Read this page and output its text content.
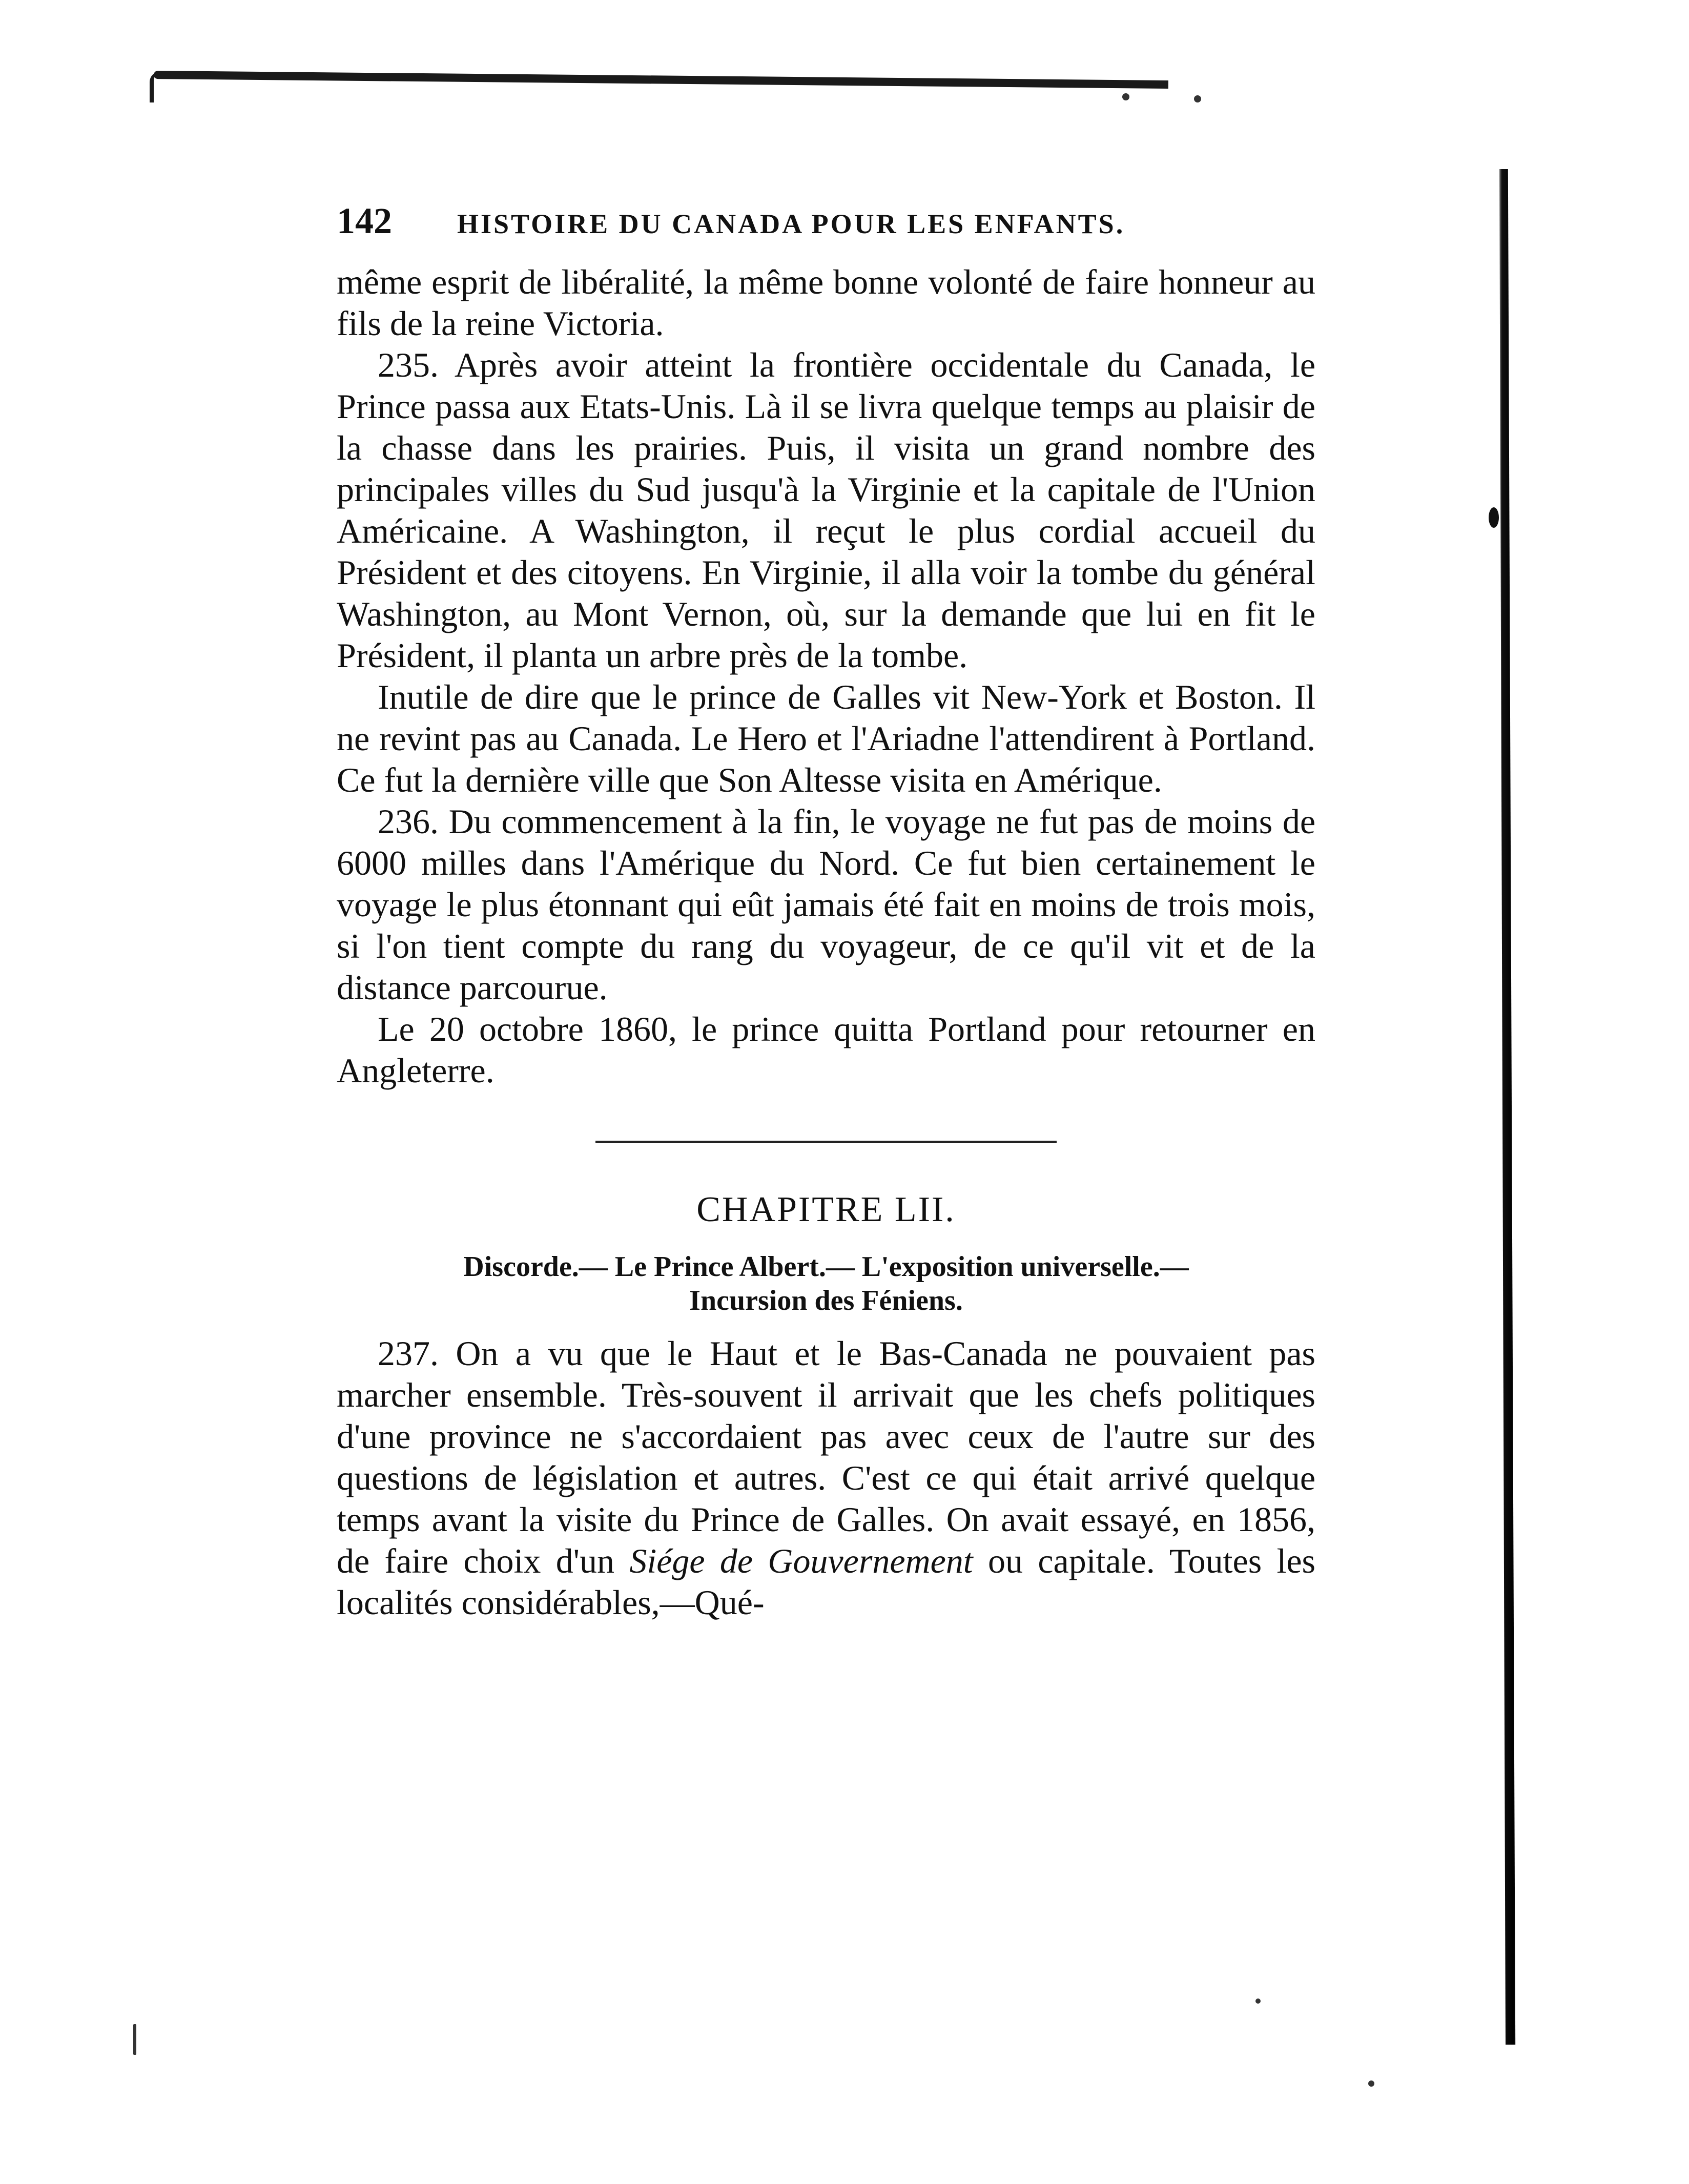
142	HISTOIRE DU CANADA POUR LES ENFANTS.

même esprit de libéralité, la même bonne volonté de faire honneur au fils de la reine Victoria.

235. Après avoir atteint la frontière occidentale du Canada, le Prince passa aux Etats-Unis. Là il se livra quelque temps au plaisir de la chasse dans les prairies. Puis, il visita un grand nombre des principales villes du Sud jusqu'à la Virginie et la capitale de l'Union Américaine. A Washington, il reçut le plus cordial accueil du Président et des citoyens. En Virginie, il alla voir la tombe du général Washington, au Mont Vernon, où, sur la demande que lui en fit le Président, il planta un arbre près de la tombe.

Inutile de dire que le prince de Galles vit New-York et Boston. Il ne revint pas au Canada. Le Hero et l'Ariadne l'attendirent à Portland. Ce fut la dernière ville que Son Altesse visita en Amérique.

236. Du commencement à la fin, le voyage ne fut pas de moins de 6000 milles dans l'Amérique du Nord. Ce fut bien certainement le voyage le plus étonnant qui eût jamais été fait en moins de trois mois, si l'on tient compte du rang du voyageur, de ce qu'il vit et de la distance parcourue.

Le 20 octobre 1860, le prince quitta Portland pour retourner en Angleterre.

CHAPITRE LII.
Discorde.— Le Prince Albert.— L'exposition universelle.—
Incursion des Féniens.

237. On a vu que le Haut et le Bas-Canada ne pouvaient pas marcher ensemble. Très-souvent il arrivait que les chefs politiques d'une province ne s'accordaient pas avec ceux de l'autre sur des questions de législation et autres. C'est ce qui était arrivé quelque temps avant la visite du Prince de Galles. On avait essayé, en 1856, de faire choix d'un Siége de Gouvernement ou capitale. Toutes les localités considérables,—Qué-
